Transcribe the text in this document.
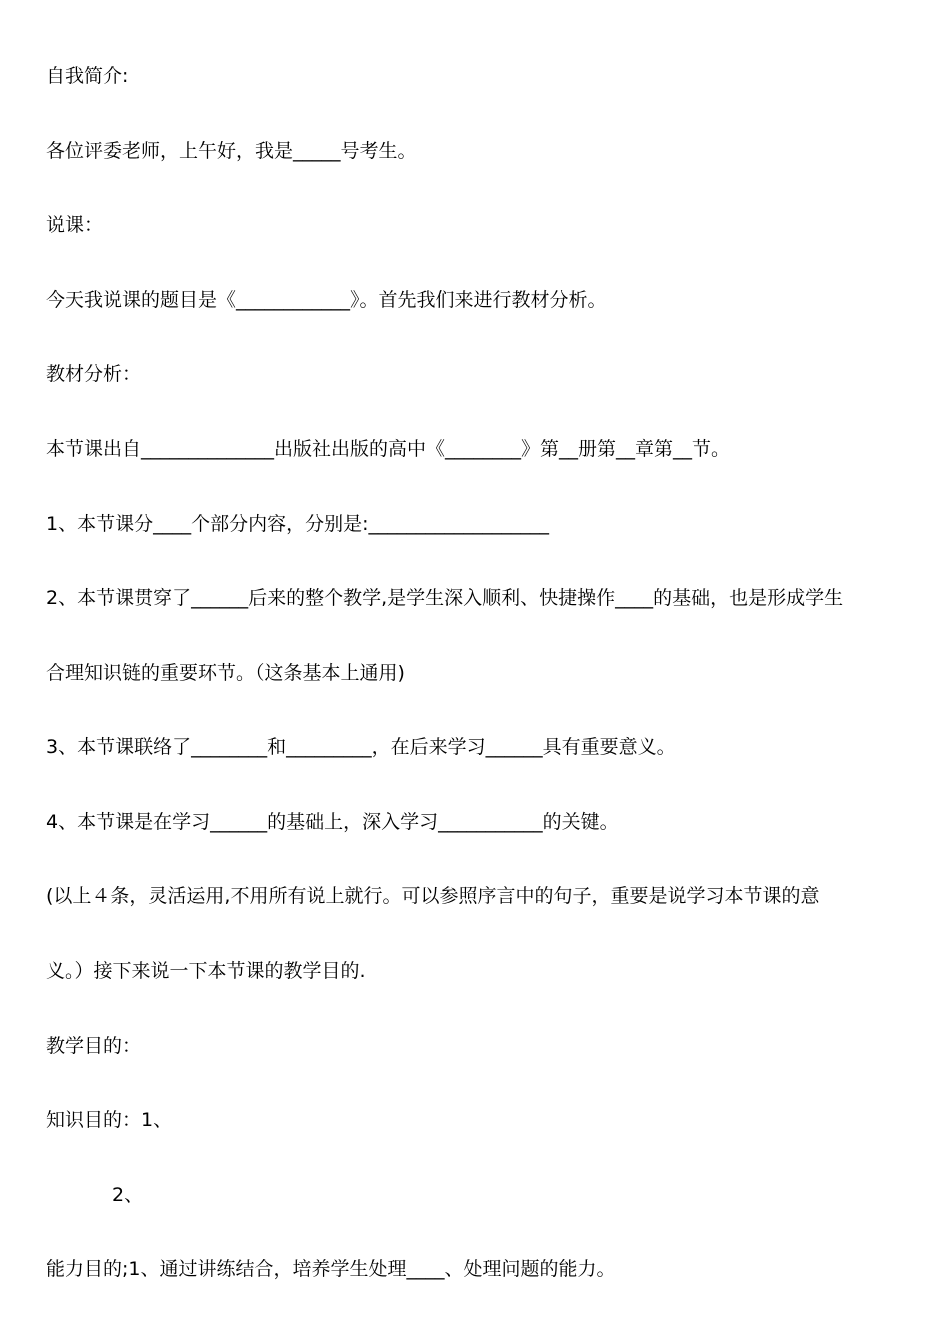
自我简介:
各位评委老师，上午好，我是_____号考生。
说课：
今天我说课的题目是《____________》。首先我们来进行教材分析。
教材分析：
本节课出自______________出版社出版的高中《________》第__册第__章第__节。
1、本节课分____个部分内容，分别是:___________________
2、本节课贯穿了______后来的整个教学,是学生深入顺利、快捷操作____的基础，也是形成学生
合理知识链的重要环节。（这条基本上通用)
3、本节课联络了________和_________，在后来学习______具有重要意义。
4、本节课是在学习______的基础上，深入学习___________的关键。
(以上４条，灵活运用,不用所有说上就行。可以参照序言中的句子，重要是说学习本节课的意
义。）接下来说一下本节课的教学目的.
教学目的：
知识目的：1、
2、
能力目的;1、通过讲练结合，培养学生处理____、处理问题的能力。
